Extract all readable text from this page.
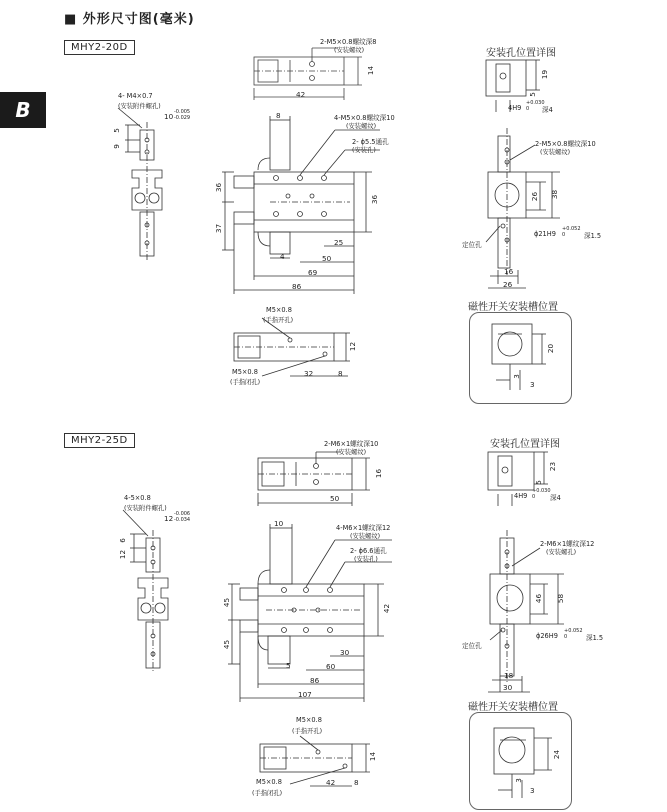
■ 外形尺寸图(毫米)
B
MHY2-20D
MHY2-25D
2-M5×0.8螺纹深8
(安装螺纹)
14
42
4- M4×0.7
(安装附件螺孔)
10 -0.005
-0.029
5
9
8	4-M5×0.8螺纹深10
(安装螺纹)
2- ϕ5.5通孔
(安装孔)
36
37
36
25
50
4
69
86
M5×0.8
(手指开孔)
12
M5×0.8
(手指闭孔)
32	8
安装孔位置详图
19
5
4H9
+0.030
0 深4
2-M5×0.8螺纹深10
(安装螺纹)
38
26
ϕ21H9
+0.052
0	深1.5
定位孔
16
26
磁性开关安装槽位置
20
3
3
2-M6×1螺纹深10
(安装螺纹)
16
50
4-5×0.8
(安装附件螺孔)
12 -0.006
-0.034
6
12
10	4-M6×1螺纹深12
(安装螺纹)
2- ϕ6.6通孔
(安装孔)
45
45
42
30
60
5
86
107
M5×0.8
(手指开孔)
14
M5×0.8
(手指闭孔)
42	8
安装孔位置详图
23
5
4H9
+0.030
0 深4
2-M6×1螺纹深12
(安装螺孔)
58
46
ϕ26H9
+0.052
0	深1.5
定位孔
18
30
磁性开关安装槽位置
24
3
3
